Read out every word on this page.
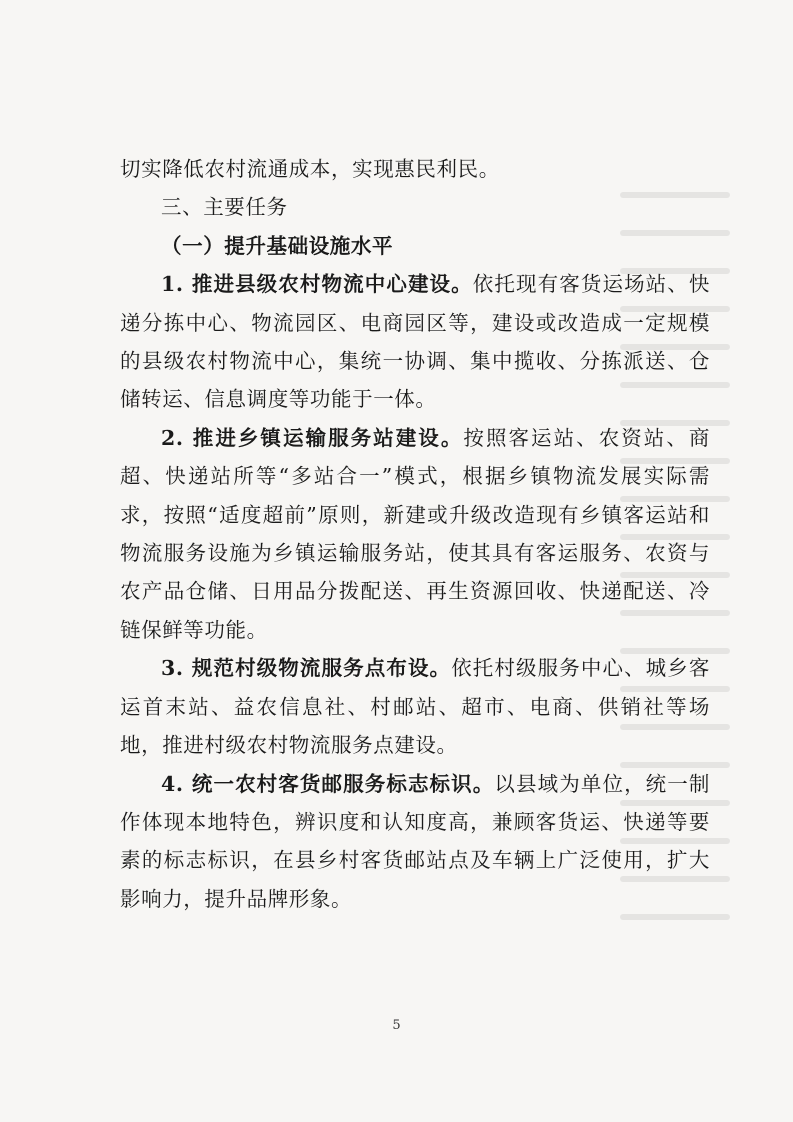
切实降低农村流通成本，实现惠民利民。

三、主要任务

（一）提升基础设施水平

1. 推进县级农村物流中心建设。依托现有客货运场站、快递分拣中心、物流园区、电商园区等，建设或改造成一定规模的县级农村物流中心，集统一协调、集中揽收、分拣派送、仓储转运、信息调度等功能于一体。

2. 推进乡镇运输服务站建设。按照客运站、农资站、商超、快递站所等“多站合一”模式，根据乡镇物流发展实际需求，按照“适度超前”原则，新建或升级改造现有乡镇客运站和物流服务设施为乡镇运输服务站，使其具有客运服务、农资与农产品仓储、日用品分拨配送、再生资源回收、快递配送、冷链保鲜等功能。

3. 规范村级物流服务点布设。依托村级服务中心、城乡客运首末站、益农信息社、村邮站、超市、电商、供销社等场地，推进村级农村物流服务点建设。

4. 统一农村客货邮服务标志标识。以县域为单位，统一制作体现本地特色，辨识度和认知度高，兼顾客货运、快递等要素的标志标识，在县乡村客货邮站点及车辆上广泛使用，扩大影响力，提升品牌形象。

5
